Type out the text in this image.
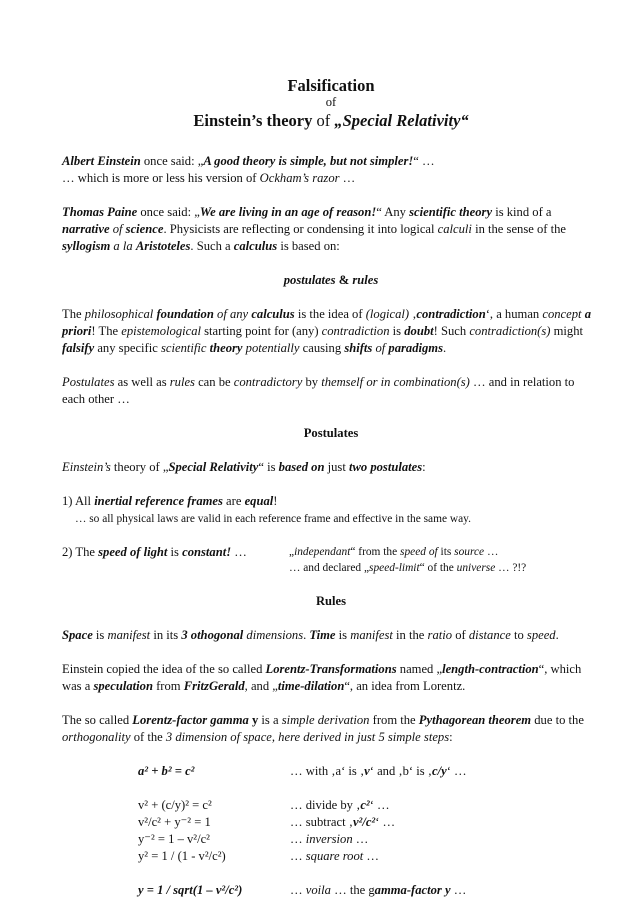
Falsification
of
Einstein’s theory of „Special Relativity“

Albert Einstein once said: „A good theory is simple, but not simpler!“ …
… which is more or less his version of Ockham’s razor …

Thomas Paine once said: „We are living in an age of reason!“ Any scientific theory is kind of a narrative of science. Physicists are reflecting or condensing it into logical calculi in the sense of the syllogism a la Aristoteles. Such a calculus is based on:

postulates & rules

The philosophical foundation of any calculus is the idea of (logical) ‚contradiction‘, a human concept a priori! The epistemological starting point for (any) contradiction is doubt! Such contradiction(s) might falsify any specific scientific theory potentially causing shifts of paradigms.

Postulates as well as rules can be contradictory by themself or in combination(s) … and in relation to each other …

Postulates

Einstein’s theory of „Special Relativity“ is based on just two postulates:

1) All inertial reference frames are equal!
… so all physical laws are valid in each reference frame and effective in the same way.

2) The speed of light is constant! …	„independant“ from the speed of its source …
… and declared „speed-limit“ of the universe … ?!?
Rules

Space is manifest in its 3 othogonal dimensions. Time is manifest in the ratio of distance to speed.

Einstein copied the idea of the so called Lorentz-Transformations named „length-contraction“, which was a speculation from FritzGerald, and „time-dilation“, an idea from Lorentz.

The so called Lorentz-factor gamma y is a simple derivation from the Pythagorean theorem due to the orthogonality of the 3 dimension of space, here derived in just 5 simple steps:

a² + b² = c²	… with ‚a‘ is ‚v‘ and ‚b‘ is ‚c/y‘ …
v² + (c/y)² = c²	… divide by ‚c²‘ …
v²/c² + y⁻² = 1	… subtract ‚v²/c²‘ …
y⁻² = 1 – v²/c²	… inversion …
y² = 1 / (1 - v²/c²)	… square root …
y = 1 / sqrt(1 – v²/c²)	… voila … the gamma-factor y …
